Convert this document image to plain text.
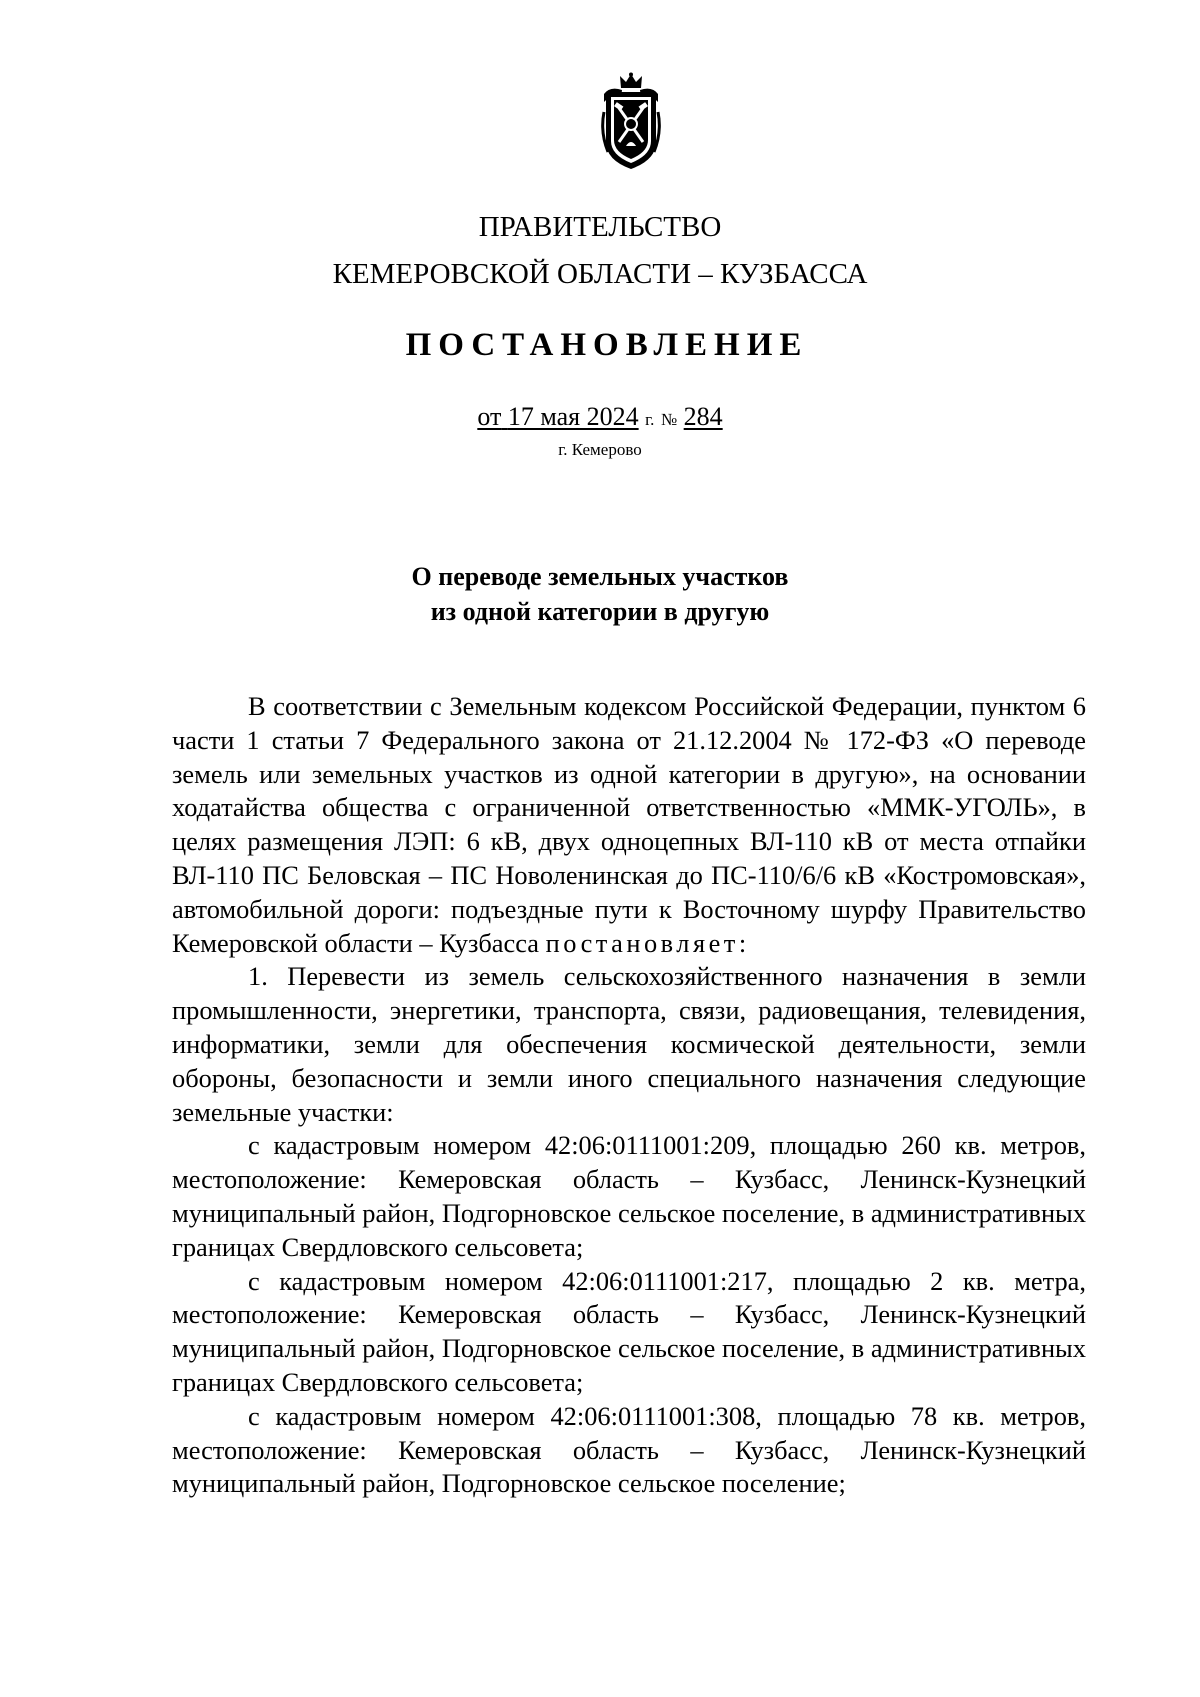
ПРАВИТЕЛЬСТВО
КЕМЕРОВСКОЙ ОБЛАСТИ – КУЗБАССА
ПОСТАНОВЛЕНИЕ
от 17 мая 2024 г. № 284
г. Кемерово
О переводе земельных участков
из одной категории в другую

В соответствии с Земельным кодексом Российской Федерации, пунктом 6 части 1 статьи 7 Федерального закона от 21.12.2004 № 172-ФЗ «О переводе земель или земельных участков из одной категории в другую», на основании ходатайства общества с ограниченной ответственностью «ММК-УГОЛЬ», в целях размещения ЛЭП: 6 кВ, двух одноцепных ВЛ-110 кВ от места отпайки ВЛ-110 ПС Беловская – ПС Новоленинская до ПС-110/6/6 кВ «Костромовская», автомобильной дороги: подъездные пути к Восточному шурфу Правительство Кемеровской области – Кузбасса постановляет:

1. Перевести из земель сельскохозяйственного назначения в земли промышленности, энергетики, транспорта, связи, радиовещания, телевидения, информатики, земли для обеспечения космической деятельности, земли обороны, безопасности и земли иного специального назначения следующие земельные участки:

с кадастровым номером 42:06:0111001:209, площадью 260 кв. метров, местоположение: Кемеровская область – Кузбасс, Ленинск-Кузнецкий муниципальный район, Подгорновское сельское поселение, в административных границах Свердловского сельсовета;

с кадастровым номером 42:06:0111001:217, площадью 2 кв. метра, местоположение: Кемеровская область – Кузбасс, Ленинск-Кузнецкий муниципальный район, Подгорновское сельское поселение, в административных границах Свердловского сельсовета;

с кадастровым номером 42:06:0111001:308, площадью 78 кв. метров, местоположение: Кемеровская область – Кузбасс, Ленинск-Кузнецкий муниципальный район, Подгорновское сельское поселение;
